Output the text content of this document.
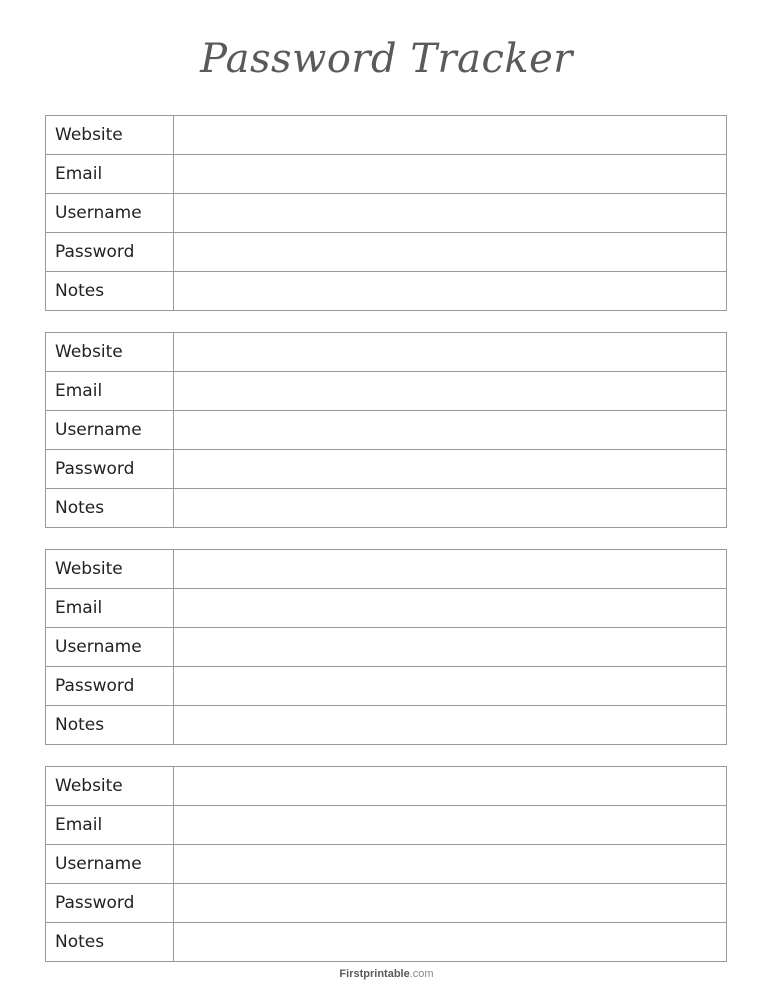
Password Tracker
Website
Email
Username
Password
Notes
Website
Email
Username
Password
Notes
Website
Email
Username
Password
Notes
Website
Email
Username
Password
Notes
Firstprintable.com
